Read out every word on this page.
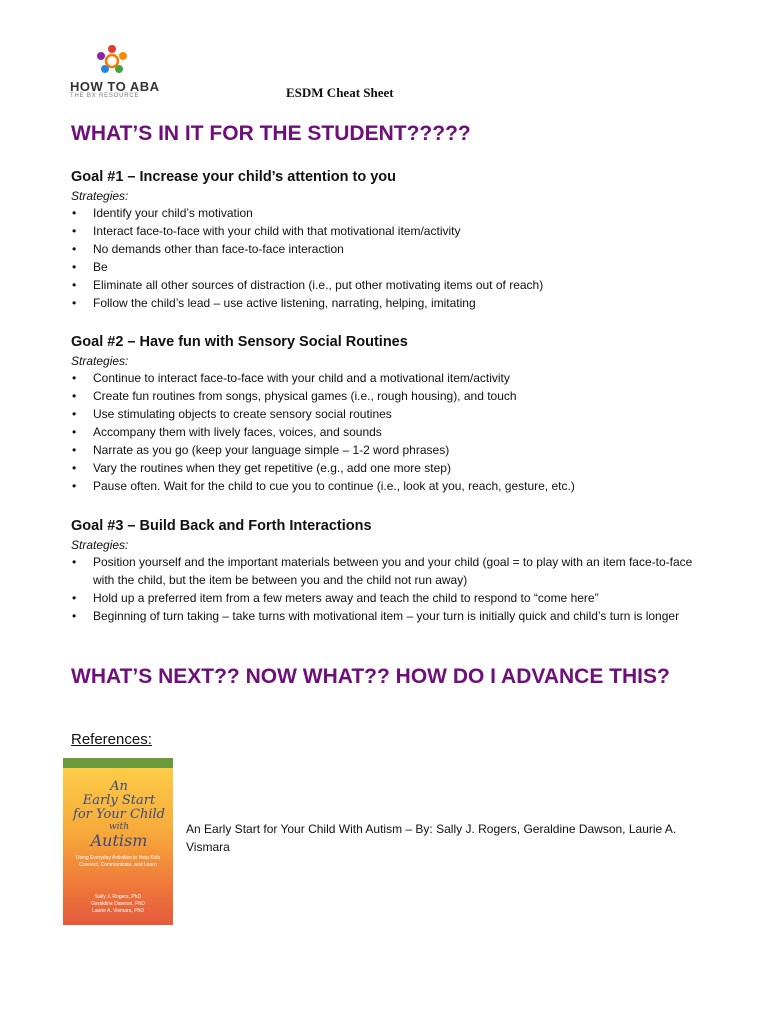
HOW TO ABA
THE BX RESOURCE	ESDM Cheat Sheet
WHAT’S IN IT FOR THE STUDENT?????
Goal #1 – Increase your child’s attention to you
Strategies:
• Identify your child’s motivation
• Interact face-to-face with your child with that motivational item/activity
• No demands other than face-to-face interaction
• Be
• Eliminate all other sources of distraction (i.e., put other motivating items out of reach)
• Follow the child’s lead – use active listening, narrating, helping, imitating
Goal #2 – Have fun with Sensory Social Routines
Strategies:
• Continue to interact face-to-face with your child and a motivational item/activity
• Create fun routines from songs, physical games (i.e., rough housing), and touch
• Use stimulating objects to create sensory social routines
• Accompany them with lively faces, voices, and sounds
• Narrate as you go (keep your language simple – 1-2 word phrases)
• Vary the routines when they get repetitive (e.g., add one more step)
• Pause often. Wait for the child to cue you to continue (i.e., look at you, reach, gesture, etc.)
Goal #3 – Build Back and Forth Interactions
Strategies:
• Position yourself and the important materials between you and your child (goal = to play with an item face-to-face with the child, but the item be between you and the child not run away)
• Hold up a preferred item from a few meters away and teach the child to respond to “come here”
• Beginning of turn taking – take turns with motivational item – your turn is initially quick and child’s turn is longer
WHAT’S NEXT?? NOW WHAT?? HOW DO I ADVANCE THIS?
References:
An
Early Start
for Your Child
with
Autism
Using Everyday Activities to Help Kids Connect, Communicate, and Learn
Sally J. Rogers, PhD
Geraldine Dawson, PhD
Laurie A. Vismara, PhD
An Early Start for Your Child With Autism – By: Sally J. Rogers, Geraldine Dawson, Laurie A. Vismara
